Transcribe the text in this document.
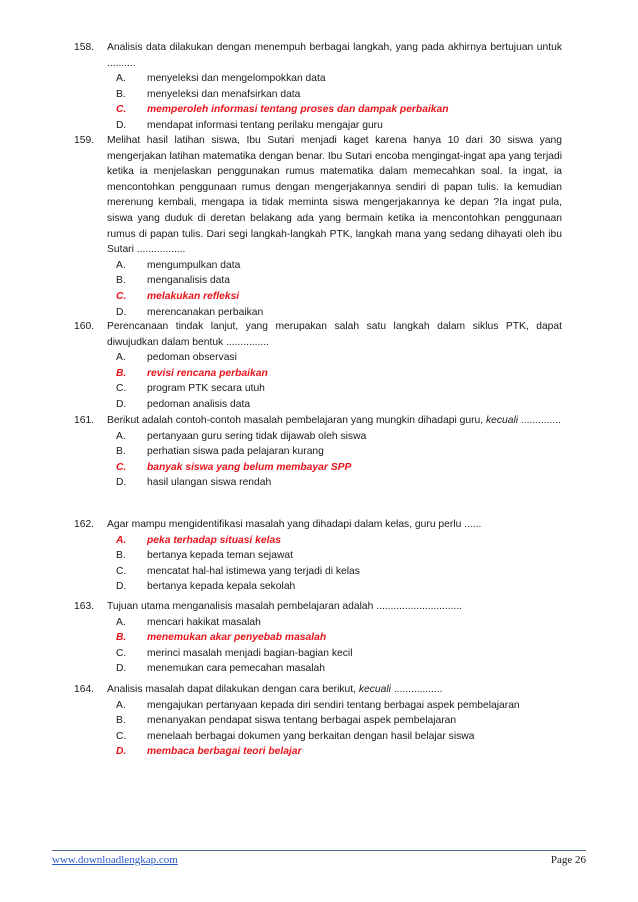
158. Analisis data dilakukan dengan menempuh berbagai langkah, yang pada akhirnya bertujuan untuk ..........
A. menyeleksi dan mengelompokkan data
B. menyeleksi dan menafsirkan data
C. memperoleh informasi tentang proses dan dampak perbaikan
D. mendapat informasi tentang perilaku mengajar guru
159. Melihat hasil latihan siswa, Ibu Sutari menjadi kaget karena hanya 10 dari 30 siswa yang mengerjakan latihan matematika dengan benar. Ibu Sutari encoba mengingat-ingat apa yang terjadi ketika ia menjelaskan penggunakan rumus matematika dalam memecahkan soal. Ia ingat, ia mencontohkan penggunaan rumus dengan mengerjakannya sendiri di papan tulis. Ia kemudian merenung kembali, mengapa ia tidak meminta siswa mengerjakannya ke depan ?Ia ingat pula, siswa yang duduk di deretan belakang ada yang bermain ketika ia mencontohkan penggunaan rumus di papan tulis. Dari segi langkah-langkah PTK, langkah mana yang sedang dihayati oleh ibu Sutari .................
A. mengumpulkan data
B. menganalisis data
C. melakukan refleksi
D. merencanakan perbaikan
160. Perencanaan tindak lanjut, yang merupakan salah satu langkah dalam siklus PTK, dapat diwujudkan dalam bentuk ...............
A. pedoman observasi
B. revisi rencana perbaikan
C. program PTK secara utuh
D. pedoman analisis data
161. Berikut adalah contoh-contoh masalah pembelajaran yang mungkin dihadapi guru, kecuali ..............
A. pertanyaan guru sering tidak dijawab oleh siswa
B. perhatian siswa pada pelajaran kurang
C. banyak siswa yang belum membayar SPP
D. hasil ulangan siswa rendah
162. Agar mampu mengidentifikasi masalah yang dihadapi dalam kelas, guru perlu ......
A. peka terhadap situasi kelas
B. bertanya kepada teman sejawat
C. mencatat hal-hal istimewa yang terjadi di kelas
D. bertanya kepada kepala sekolah
163. Tujuan utama menganalisis masalah pembelajaran adalah ..............................
A. mencari hakikat masalah
B. menemukan akar penyebab masalah
C. merinci masalah menjadi bagian-bagian kecil
D. menemukan cara pemecahan masalah
164. Analisis masalah dapat dilakukan dengan cara berikut, kecuali .................
A. mengajukan pertanyaan kepada diri sendiri tentang berbagai aspek pembelajaran
B. menanyakan pendapat siswa tentang berbagai aspek pembelajaran
C. menelaah berbagai dokumen yang berkaitan dengan hasil belajar siswa
D. membaca berbagai teori belajar
www.downloadlengkap.com	Page 26
